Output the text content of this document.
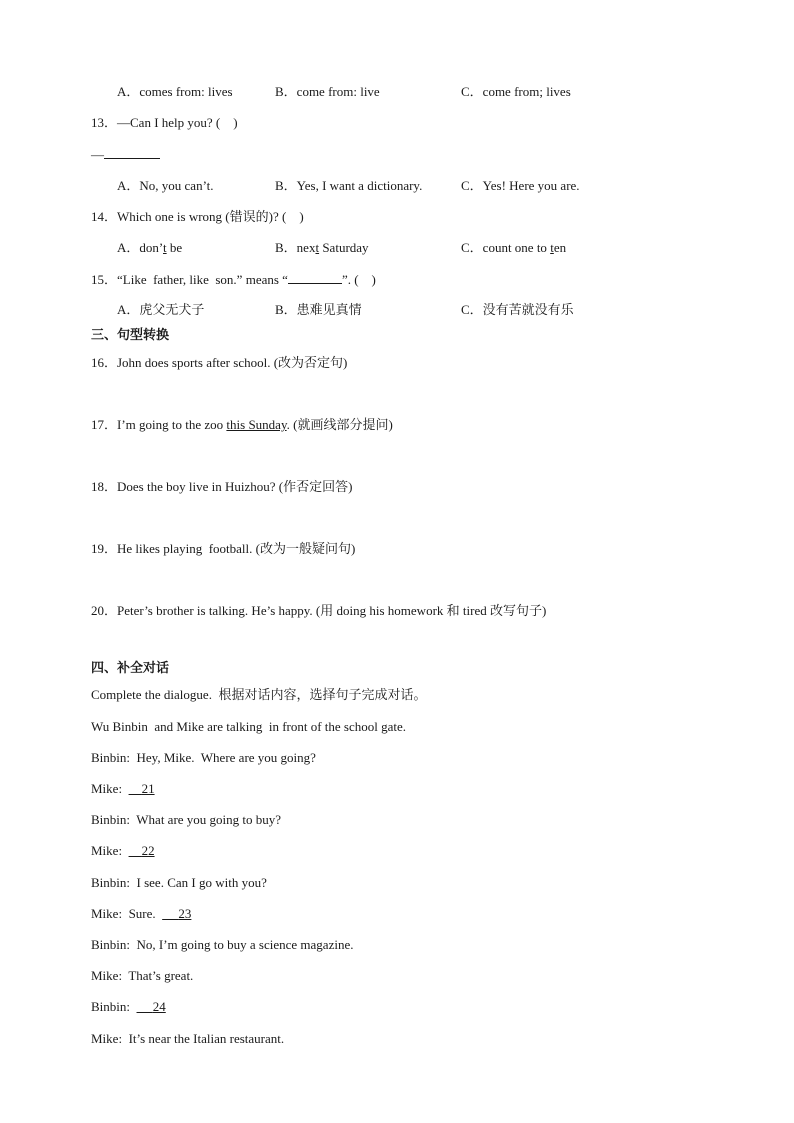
A．comes from: lives	B．come from: live	C．come from; lives
13．—Can I help you? (　)
—
A．No, you can’t.	B．Yes, I want a dictionary.	C．Yes! Here you are.
14．Which one is wrong (错误的)? (　)
A．don’t be	B．next Saturday	C．count one to ten
15．“Like  father, like  son.” means “	”. (　)
A．虎父无犬子	B．患难见真情	C．没有苦就没有乐
三、句型转换
16．John does sports after school. (改为否定句)
17．I’m going to the zoo this Sunday. (就画线部分提问)
18．Does the boy live in Huizhou? (作否定回答)
19．He likes playing  football. (改为一般疑问句)
20．Peter’s brother is talking. He’s happy. (用 doing his homework 和 tired 改写句子)
四、补全对话
Complete the dialogue.  根据对话内容，选择句子完成对话。
Wu Binbin  and Mike are talking  in front of the school gate.
Binbin: Hey, Mike.  Where are you going?
Mike: 21
Binbin: What are you going to buy?
Mike: 22
Binbin: I see. Can I go with you?
Mike: Sure. 23
Binbin: No, I’m going to buy a science magazine.
Mike: That’s great.
Binbin: 24
Mike: It’s near the Italian restaurant.
